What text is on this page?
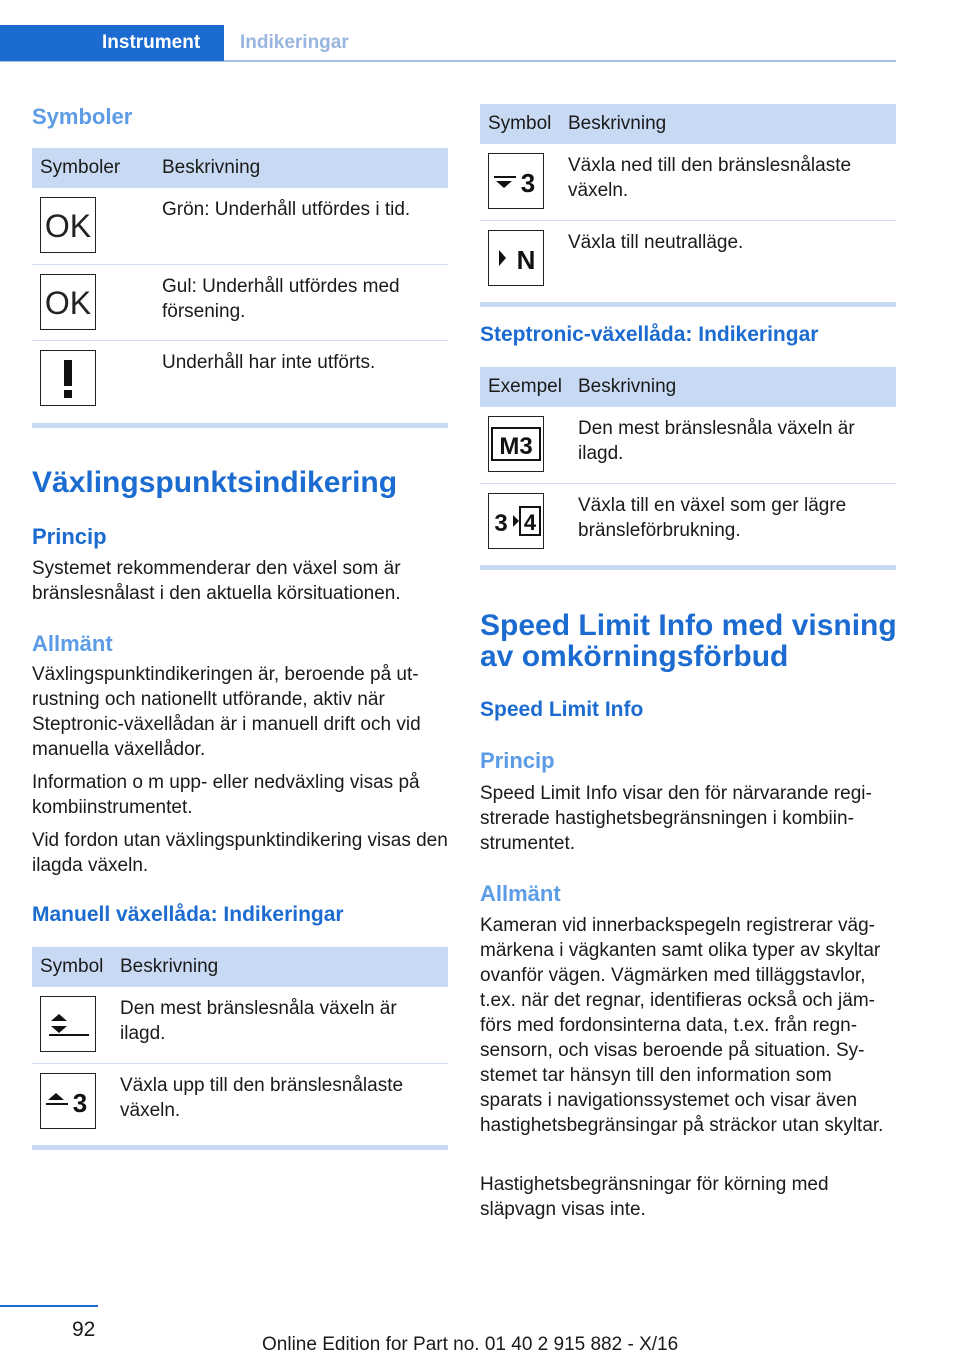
Instrument Indikeringar
Symboler
Symboler	Beskrivning

OK	Grön: Underhåll utfördes i tid.

OK	Gul: Underhåll utfördes med försening.

	Underhåll har inte utförts.
Växlingspunktsindikering
Princip

Systemet rekommenderar den växel som är bränslesnålast i den aktuella körsituationen.

Allmänt

Växlingspunktindikeringen är, beroende på utrustning och nationellt utförande, aktiv när Steptronic-växellådan är i manuell drift och vid manuella växellådor.

Information o m upp- eller nedväxling visas på kombiinstrumentet.

Vid fordon utan växlingspunktindikering visas den ilagda växeln.

Manuell växellåda: Indikeringar
Symbol	Beskrivning

	Den mest bränslesnåla växeln är ilagd.

3	Växla upp till den bränslesnålaste växeln.
Symbol	Beskrivning

3	Växla ned till den bränslesnålaste växeln.

N	Växla till neutralläge.
Steptronic-växellåda: Indikeringar
Exempel	Beskrivning

M3	Den mest bränslesnåla växeln är ilagd.

3 4	Växla till en växel som ger lägre bränsleförbrukning.
Speed Limit Info med visning av omkörningsförbud
Speed Limit Info
Princip

Speed Limit Info visar den för närvarande registrerade hastighetsbegränsningen i kombiinstrumentet.

Allmänt

Kameran vid innerbackspegeln registrerar vägmärkena i vägkanten samt olika typer av skyltar ovanför vägen. Vägmärken med tilläggstavlor, t.ex. när det regnar, identifieras också och jämförs med fordonsinterna data, t.ex. från regnsensorn, och visas beroende på situation. Systemet tar hänsyn till den information som sparats i navigationssystemet och visar även hastighetsbegränsingar på sträckor utan skyltar.

Hastighetsbegränsningar för körning med släpvagn visas inte.

92
Online Edition for Part no. 01 40 2 915 882 - X/16
